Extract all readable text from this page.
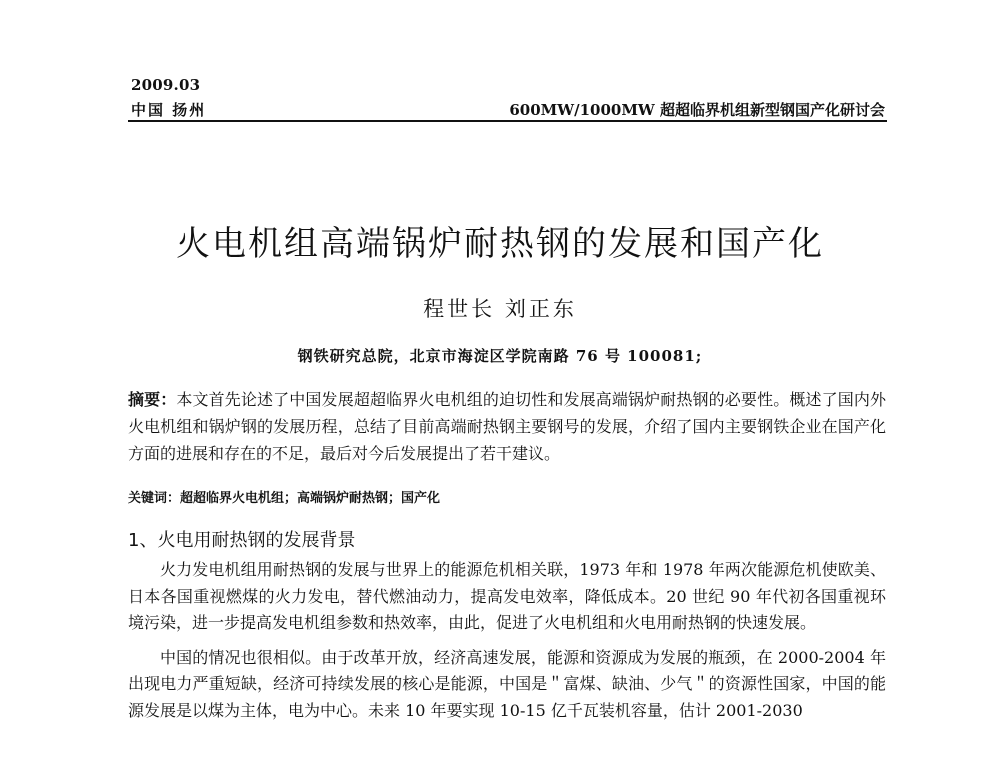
2009.03
中国 扬州	600MW/1000MW 超超临界机组新型钢国产化研讨会
火电机组高端锅炉耐热钢的发展和国产化
程世长 刘正东
钢铁研究总院，北京市海淀区学院南路 76 号 100081;
摘要：本文首先论述了中国发展超超临界火电机组的迫切性和发展高端锅炉耐热钢的必要性。概述了国内外火电机组和锅炉钢的发展历程，总结了目前高端耐热钢主要钢号的发展，介绍了国内主要钢铁企业在国产化方面的进展和存在的不足，最后对今后发展提出了若干建议。
关键词：超超临界火电机组；高端锅炉耐热钢；国产化
1、火电用耐热钢的发展背景

火力发电机组用耐热钢的发展与世界上的能源危机相关联，1973 年和 1978 年两次能源危机使欧美、日本各国重视燃煤的火力发电，替代燃油动力，提高发电效率，降低成本。20 世纪 90 年代初各国重视环境污染，进一步提高发电机组参数和热效率，由此，促进了火电机组和火电用耐热钢的快速发展。

中国的情况也很相似。由于改革开放，经济高速发展，能源和资源成为发展的瓶颈，在 2000-2004 年出现电力严重短缺，经济可持续发展的核心是能源，中国是＂富煤、缺油、少气＂的资源性国家，中国的能源发展是以煤为主体，电为中心。未来 10 年要实现 10-15 亿千瓦装机容量，估计 2001-2030
